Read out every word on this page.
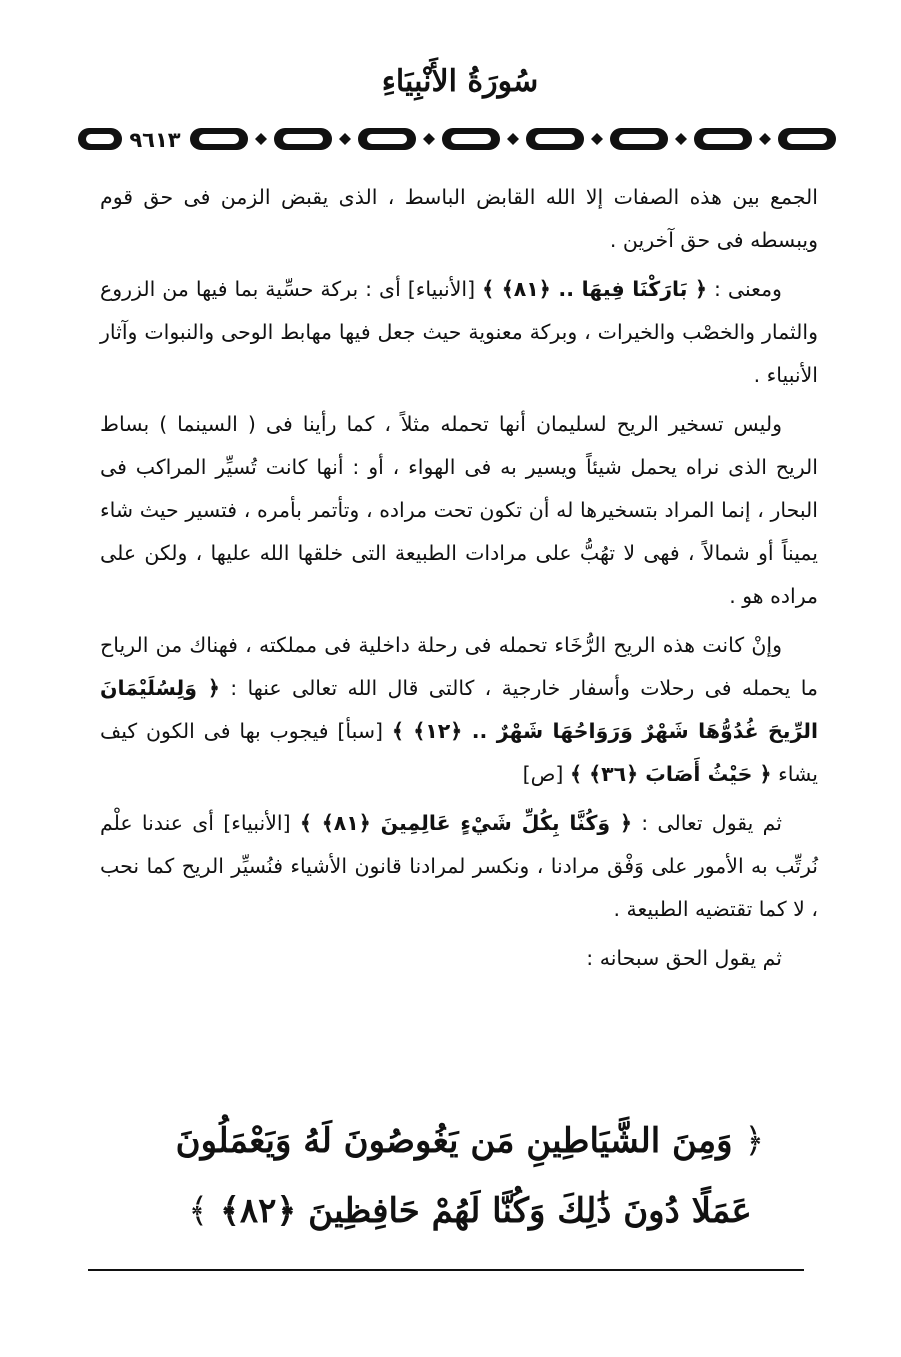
سُورَةُ الأَنْبِيَاءِ
٩٦١٣

الجمع بين هذه الصفات إلا الله القابض الباسط ، الذى يقبض الزمن فى حق قوم ويبسطه فى حق آخرين .

ومعنى : ﴿ بَارَكْنَا فِيهَا .. ﴿٨١﴾ ﴾ [الأنبياء] أى : بركة حسِّية بما فيها من الزروع والثمار والخصْب والخيرات ، وبركة معنوية حيث جعل فيها مهابط الوحى والنبوات وآثار الأنبياء .

وليس تسخير الريح لسليمان أنها تحمله مثلاً ، كما رأينا فى ( السينما ) بساط الريح الذى نراه يحمل شيئاً ويسير به فى الهواء ، أو : أنها كانت تُسيِّر المراكب فى البحار ، إنما المراد بتسخيرها له أن تكون تحت مراده ، وتأتمر بأمره ، فتسير حيث شاء يميناً أو شمالاً ، فهى لا تهُبُّ على مرادات الطبيعة التى خلقها الله عليها ، ولكن على مراده هو .

وإنْ كانت هذه الريح الرُّخَاء تحمله فى رحلة داخلية فى مملكته ، فهناك من الرياح ما يحمله فى رحلات وأسفار خارجية ، كالتى قال الله تعالى عنها : ﴿ وَلِسُلَيْمَانَ الرِّيحَ غُدُوُّهَا شَهْرٌ وَرَوَاحُهَا شَهْرٌ .. ﴿١٢﴾ ﴾ [سبأ] فيجوب بها فى الكون كيف يشاء ﴿ حَيْثُ أَصَابَ ﴿٣٦﴾ ﴾ [ص]

ثم يقول تعالى : ﴿ وَكُنَّا بِكُلِّ شَيْءٍ عَالِمِينَ ﴿٨١﴾ ﴾ [الأنبياء] أى عندنا علْم نُرتِّب به الأمور على وَفْق مرادنا ، ونكسر لمرادنا قانون الأشياء فنُسيِّر الريح كما نحب ، لا كما تقتضيه الطبيعة .

ثم يقول الحق سبحانه :

﴿ وَمِنَ الشَّيَاطِينِ مَن يَغُوصُونَ لَهُ وَيَعْمَلُونَ
عَمَلًا دُونَ ذَٰلِكَ وَكُنَّا لَهُمْ حَافِظِينَ ﴿٨٢﴾ ﴾
